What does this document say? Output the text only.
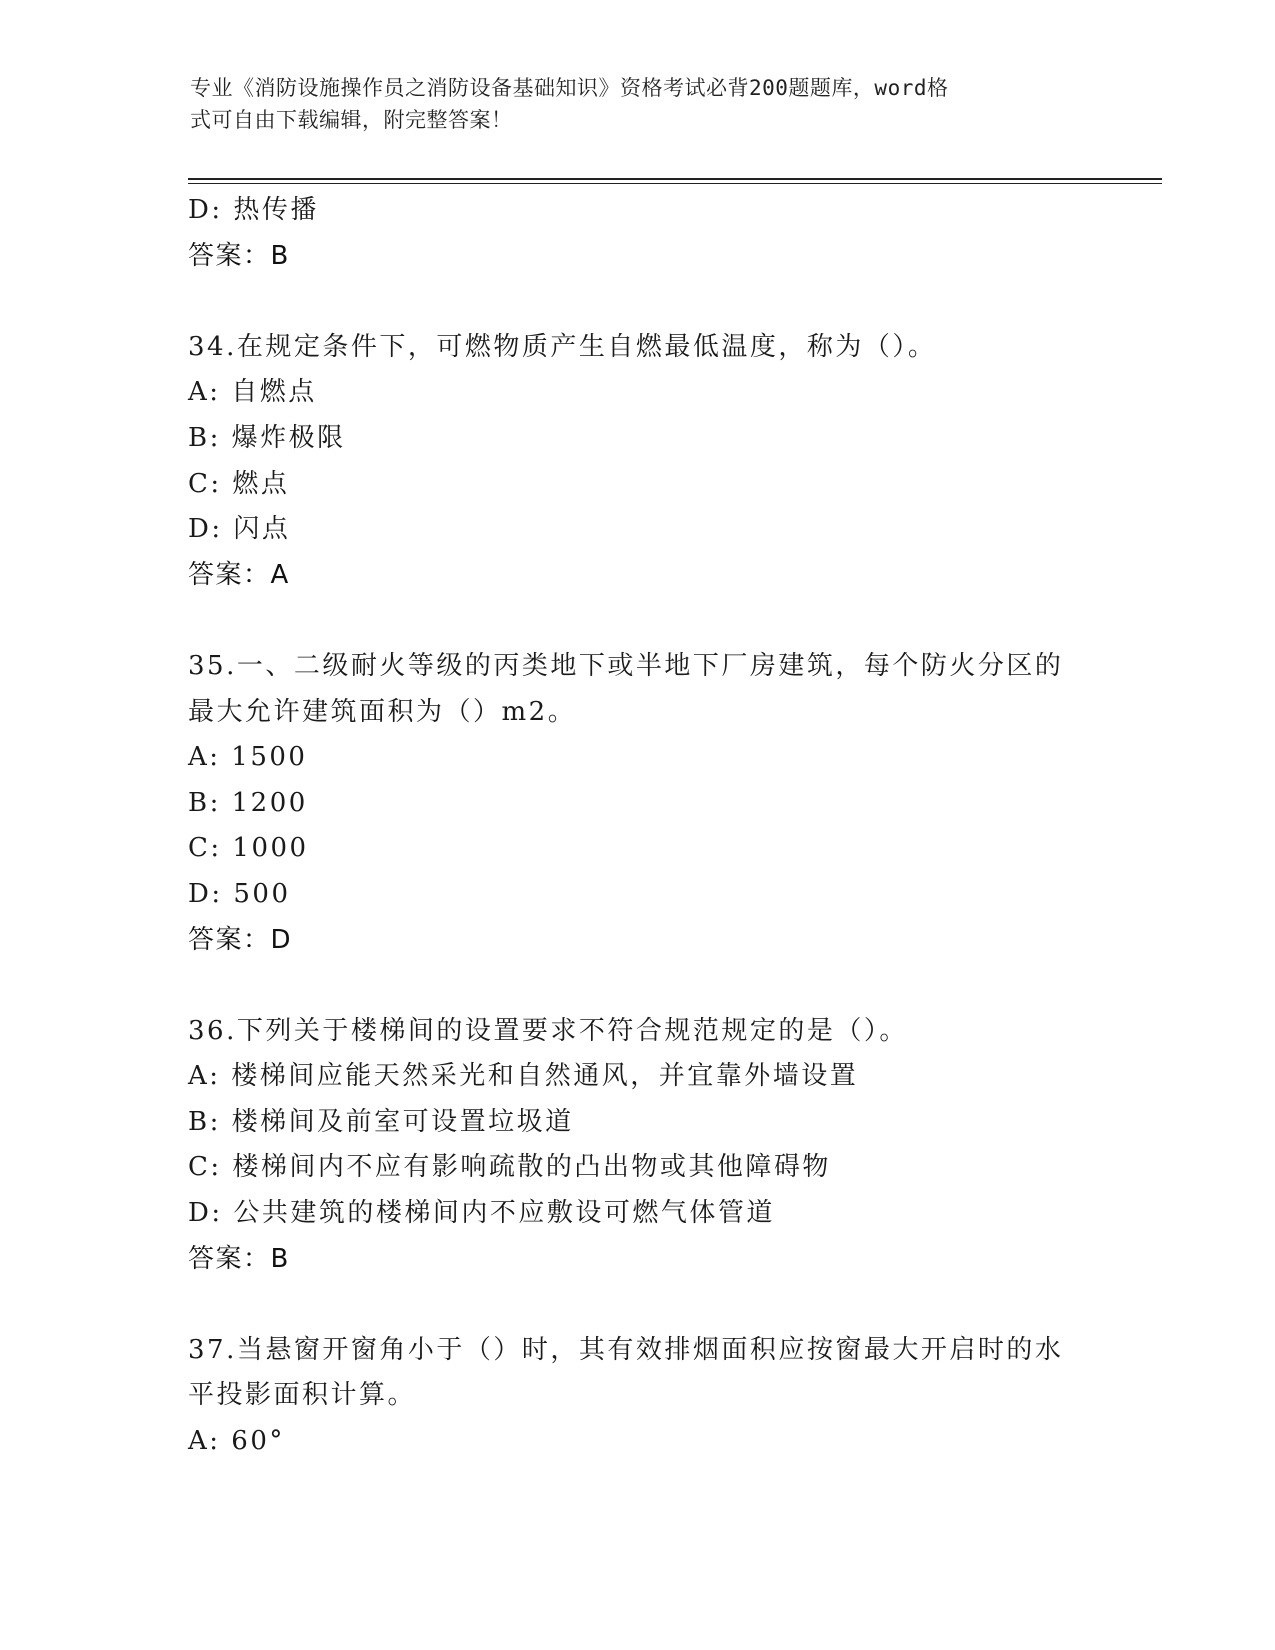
专业《消防设施操作员之消防设备基础知识》资格考试必背200题题库，word格
式可自由下载编辑，附完整答案！
D: 热传播
答案：B
34.在规定条件下，可燃物质产生自燃最低温度，称为（）。
A: 自燃点
B: 爆炸极限
C: 燃点
D: 闪点
答案：A
35.一、二级耐火等级的丙类地下或半地下厂房建筑，每个防火分区的
最大允许建筑面积为（）m2。
A: 1500
B: 1200
C: 1000
D: 500
答案：D
36.下列关于楼梯间的设置要求不符合规范规定的是（）。
A: 楼梯间应能天然采光和自然通风，并宜靠外墙设置
B: 楼梯间及前室可设置垃圾道
C: 楼梯间内不应有影响疏散的凸出物或其他障碍物
D: 公共建筑的楼梯间内不应敷设可燃气体管道
答案：B
37.当悬窗开窗角小于（）时，其有效排烟面积应按窗最大开启时的水
平投影面积计算。
A: 60°
